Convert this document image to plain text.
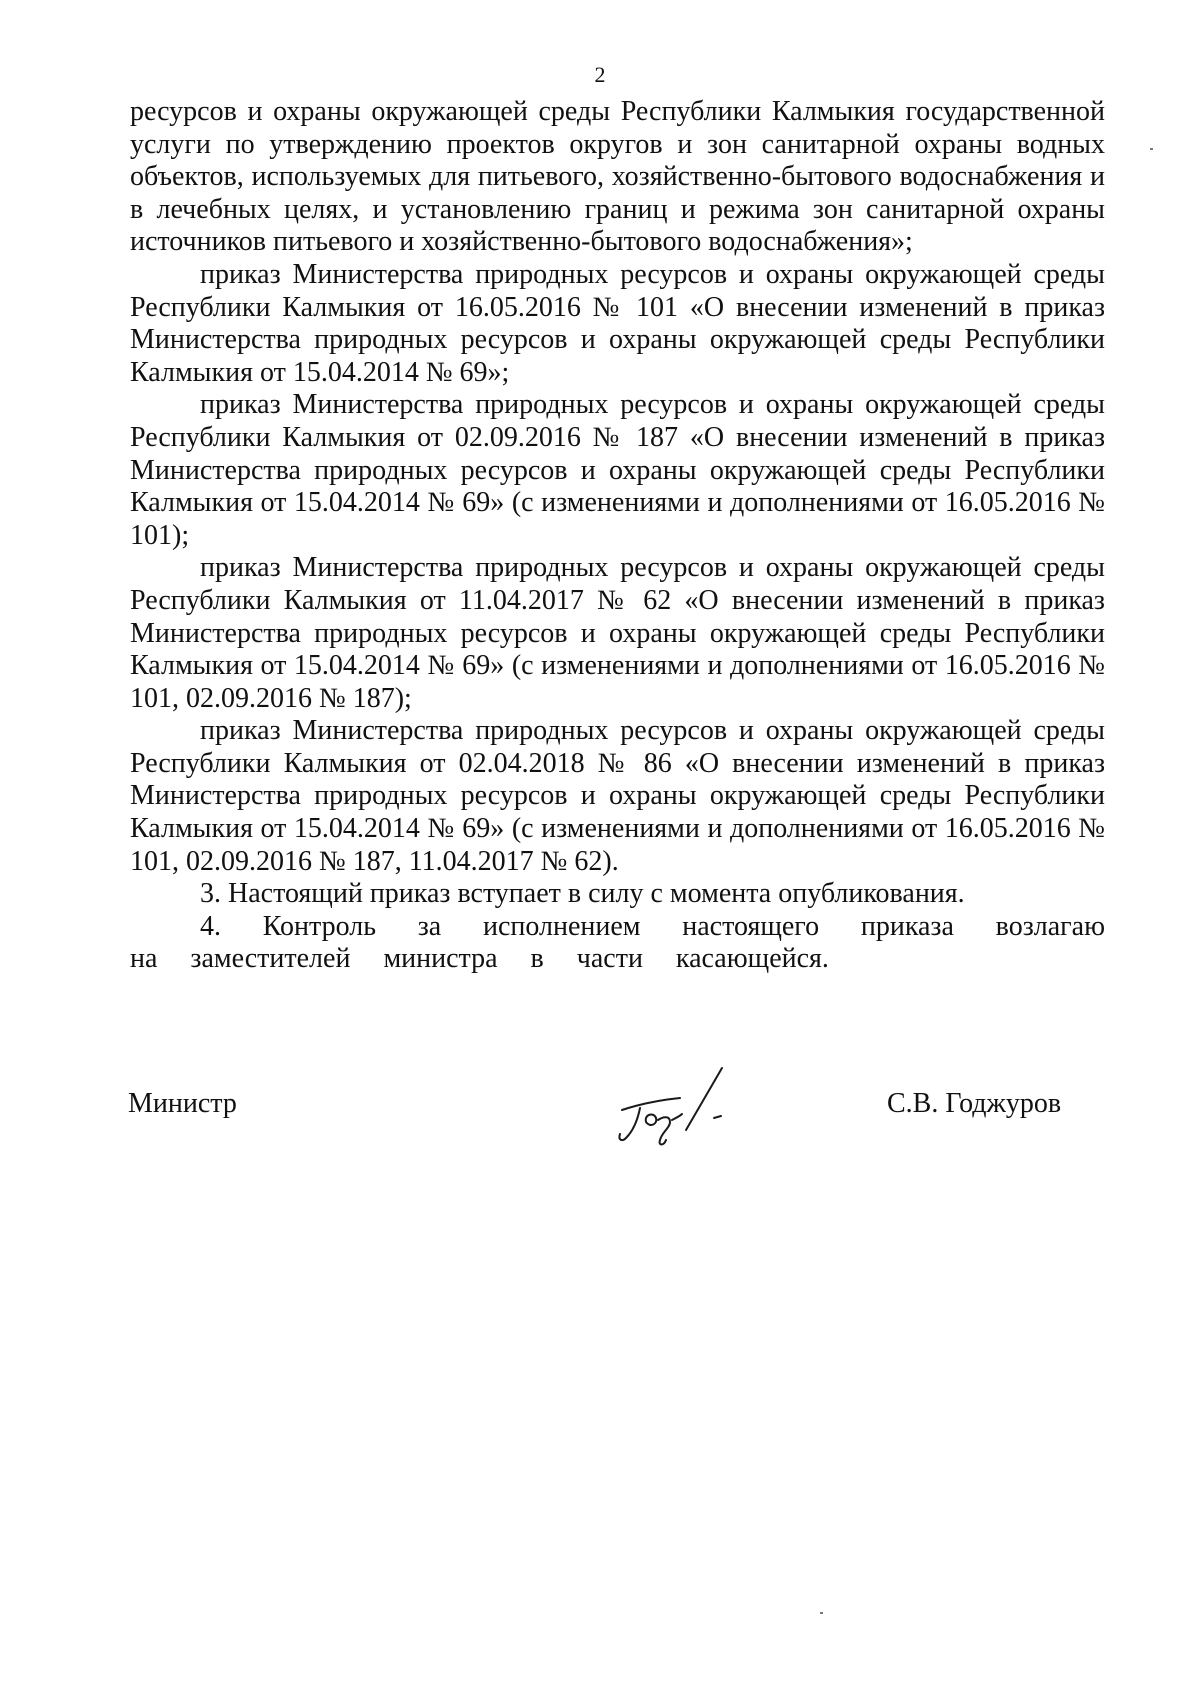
2

ресурсов и охраны окружающей среды Республики Калмыкия государственной услуги по утверждению проектов округов и зон санитарной охраны водных объектов, используемых для питьевого, хозяйственно-бытового водоснабжения и в лечебных целях, и установлению границ и режима зон санитарной охраны источников питьевого и хозяйственно-бытового водоснабжения»;

приказ Министерства природных ресурсов и охраны окружающей среды Республики Калмыкия от 16.05.2016 № 101 «О внесении изменений в приказ Министерства природных ресурсов и охраны окружающей среды Республики Калмыкия от 15.04.2014 № 69»;

приказ Министерства природных ресурсов и охраны окружающей среды Республики Калмыкия от 02.09.2016 № 187 «О внесении изменений в приказ Министерства природных ресурсов и охраны окружающей среды Республики Калмыкия от 15.04.2014 № 69» (с изменениями и дополнениями от 16.05.2016 № 101);

приказ Министерства природных ресурсов и охраны окружающей среды Республики Калмыкия от 11.04.2017 № 62 «О внесении изменений в приказ Министерства природных ресурсов и охраны окружающей среды Республики Калмыкия от 15.04.2014 № 69» (с изменениями и дополнениями от 16.05.2016 № 101, 02.09.2016 № 187);

приказ Министерства природных ресурсов и охраны окружающей среды Республики Калмыкия от 02.04.2018 № 86 «О внесении изменений в приказ Министерства природных ресурсов и охраны окружающей среды Республики Калмыкия от 15.04.2014 № 69» (с изменениями и дополнениями от 16.05.2016 № 101, 02.09.2016 № 187, 11.04.2017 № 62).

3. Настоящий приказ вступает в силу с момента опубликования.

4. Контроль за исполнением настоящего приказа возлагаю на заместителей министра в части касающейся.

Министр	С.В. Годжуров
